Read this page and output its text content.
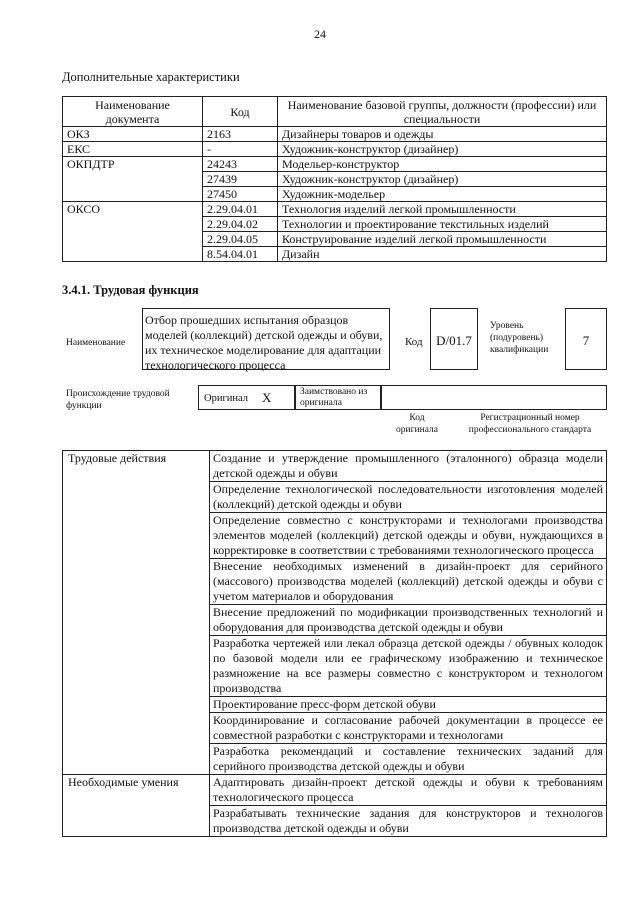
24
Дополнительные характеристики
Наименование документа	Код	Наименование базовой группы, должности (профессии) или специальности
ОКЗ	2163	Дизайнеры товаров и одежды
ЕКС	-	Художник-конструктор (дизайнер)
ОКПДТР	24243	Модельер-конструктор
	27439	Художник-конструктор (дизайнер)
	27450	Художник-модельер
ОКСО	2.29.04.01	Технология изделий легкой промышленности
	2.29.04.02	Технологии и проектирование текстильных изделий
	2.29.04.05	Конструирование изделий легкой промышленности
	8.54.04.01	Дизайн
3.4.1. Трудовая функция
Наименование
Отбор прошедших испытания образцов моделей (коллекций) детской одежды и обуви, их техническое моделирование для адаптации технологического процесса
Код	D/01.7
Уровень (подуровень) квалификации
7
Происхождение трудовой функции
Оригинал X	Заимствовано из оригинала
Код оригинала
Регистрационный номер профессионального стандарта
Трудовые действия	Создание и утверждение промышленного (эталонного) образца модели детской одежды и обуви
	Определение технологической последовательности изготовления моделей (коллекций) детской одежды и обуви
	Определение совместно с конструкторами и технологами производства элементов моделей (коллекций) детской одежды и обуви, нуждающихся в корректировке в соответствии с требованиями технологического процесса
	Внесение необходимых изменений в дизайн-проект для серийного (массового) производства моделей (коллекций) детской одежды и обуви с учетом материалов и оборудования
	Внесение предложений по модификации производственных технологий и оборудования для производства детской одежды и обуви
	Разработка чертежей или лекал образца детской одежды / обувных колодок по базовой модели или ее графическому изображению и техническое размножение на все размеры совместно с конструктором и технологом производства
	Проектирование пресс-форм детской обуви
	Координирование и согласование рабочей документации в процессе ее совместной разработки с конструкторами и технологами
	Разработка рекомендаций и составление технических заданий для серийного производства детской одежды и обуви
Необходимые умения	Адаптировать дизайн-проект детской одежды и обуви к требованиям технологического процесса
	Разрабатывать технические задания для конструкторов и технологов производства детской одежды и обуви
